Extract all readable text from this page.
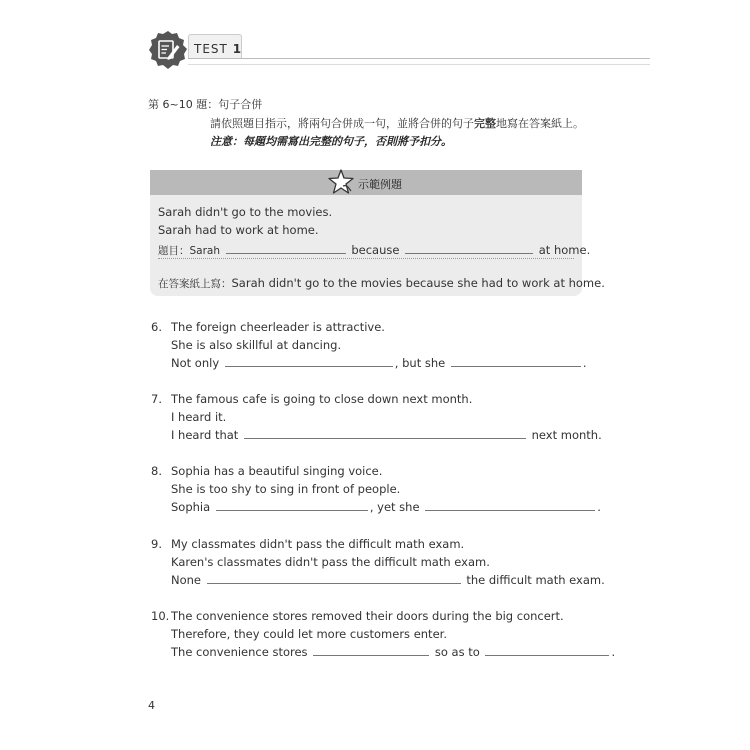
TEST 1
第 6~10 題：句子合併
請依照題目指示，將兩句合併成一句，並將合併的句子完整地寫在答案紙上。
注意：每題均需寫出完整的句子，否則將予扣分。
示範例題
Sarah didn't go to the movies.
Sarah had to work at home.
題目：Sarah	because	at home.
在答案紙上寫：Sarah didn't go to the movies because she had to work at home.
6. The foreign cheerleader is attractive.
She is also skillful at dancing.
Not only	, but she	.
7. The famous cafe is going to close down next month.
I heard it.
I heard that	next month.
8. Sophia has a beautiful singing voice.
She is too shy to sing in front of people.
Sophia	, yet she	.
9. My classmates didn't pass the difficult math exam.
Karen's classmates didn't pass the difficult math exam.
None	the difficult math exam.
10. The convenience stores removed their doors during the big concert.
Therefore, they could let more customers enter.
The convenience stores	so as to	.
4
